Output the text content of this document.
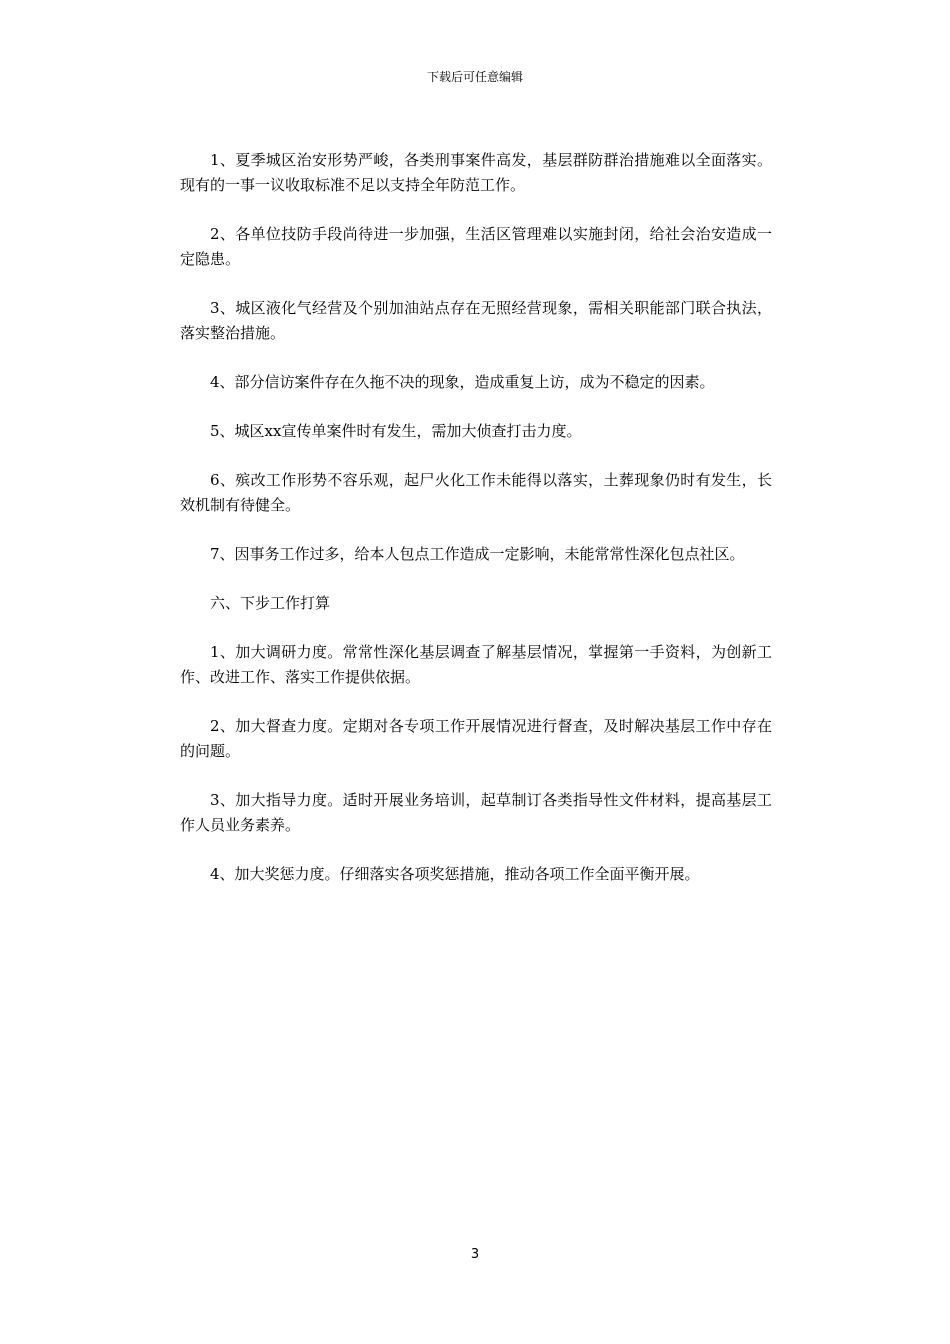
下载后可任意编辑

1、夏季城区治安形势严峻，各类刑事案件高发，基层群防群治措施难以全面落实。现有的一事一议收取标准不足以支持全年防范工作。

2、各单位技防手段尚待进一步加强，生活区管理难以实施封闭，给社会治安造成一定隐患。

3、城区液化气经营及个别加油站点存在无照经营现象，需相关职能部门联合执法，落实整治措施。

4、部分信访案件存在久拖不决的现象，造成重复上访，成为不稳定的因素。

5、城区xx宣传单案件时有发生，需加大侦查打击力度。

6、殡改工作形势不容乐观，起尸火化工作未能得以落实，土葬现象仍时有发生，长效机制有待健全。

7、因事务工作过多，给本人包点工作造成一定影响，未能常常性深化包点社区。

六、下步工作打算

1、加大调研力度。常常性深化基层调查了解基层情况，掌握第一手资料，为创新工作、改进工作、落实工作提供依据。

2、加大督查力度。定期对各专项工作开展情况进行督查，及时解决基层工作中存在的问题。

3、加大指导力度。适时开展业务培训，起草制订各类指导性文件材料，提高基层工作人员业务素养。

4、加大奖惩力度。仔细落实各项奖惩措施，推动各项工作全面平衡开展。

3
